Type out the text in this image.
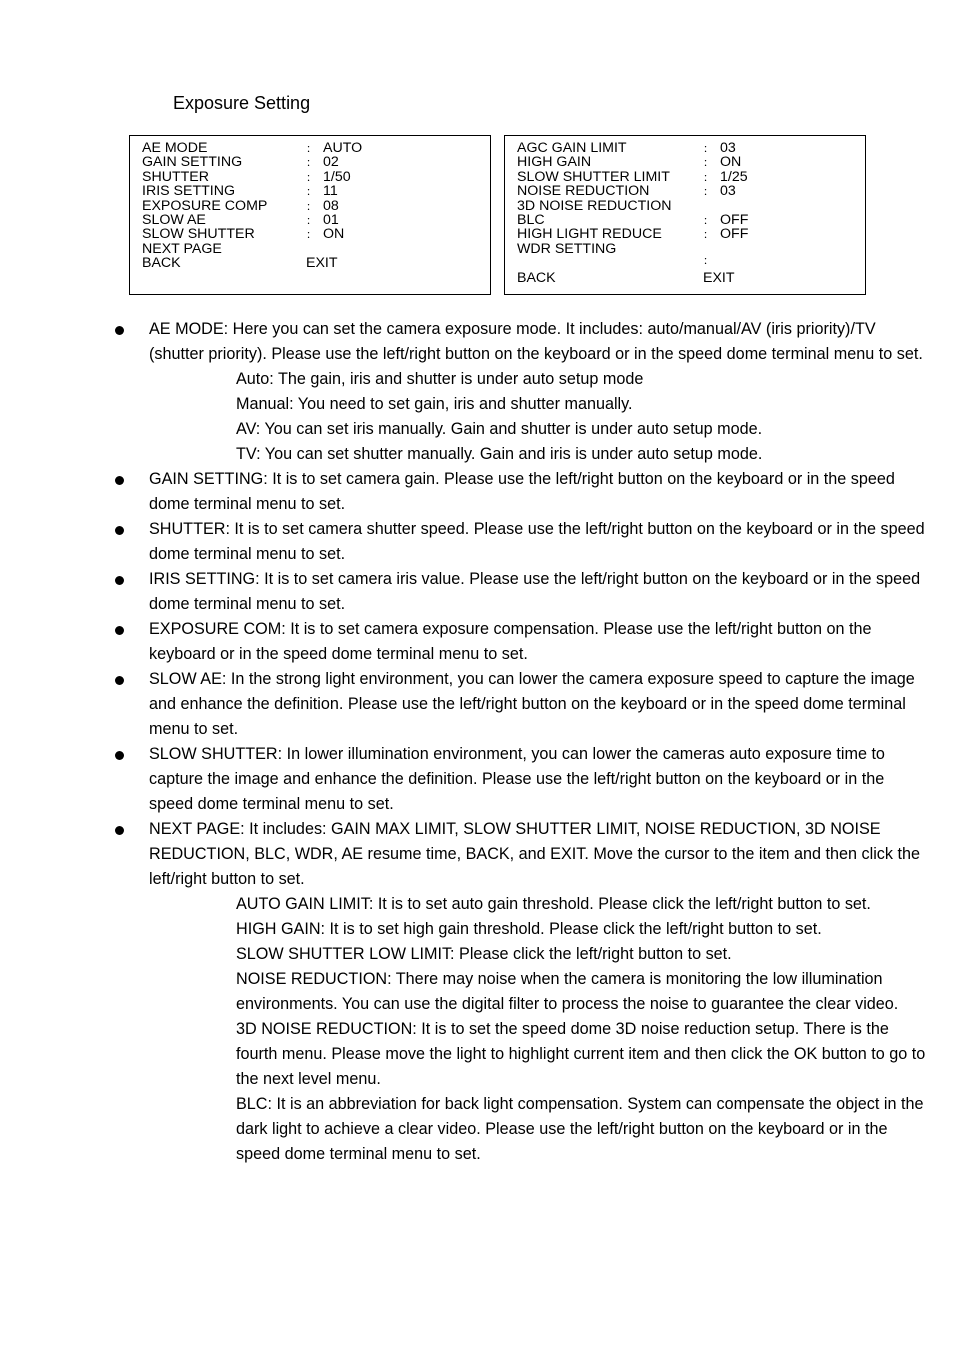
Exposure Setting
AE MODE	： AUTO
GAIN SETTING	： 02
SHUTTER	： 1/50
IRIS SETTING	： 11
EXPOSURE COMP	： 08
SLOW AE	： 01
SLOW SHUTTER	： ON
NEXT PAGE
BACK	EXIT
AGC GAIN LIMIT	： 03
HIGH GAIN	： ON
SLOW SHUTTER LIMIT	： 1/25
NOISE REDUCTION	： 03
3D NOISE REDUCTION
BLC	： OFF
HIGH LIGHT REDUCE	： OFF
WDR SETTING
：
BACK	EXIT
AE MODE: Here you can set the camera exposure mode. It includes: auto/manual/AV (iris priority)/TV (shutter priority). Please use the left/right button on the keyboard or in the speed dome terminal menu to set.
Auto: The gain, iris and shutter is under auto setup mode
Manual: You need to set gain, iris and shutter manually.
AV: You can set iris manually. Gain and shutter is under auto setup mode.
TV: You can set shutter manually. Gain and iris is under auto setup mode.
GAIN SETTING: It is to set camera gain. Please use the left/right button on the keyboard or in the speed dome terminal menu to set.
SHUTTER: It is to set camera shutter speed. Please use the left/right button on the keyboard or in the speed dome terminal menu to set.
IRIS SETTING: It is to set camera iris value. Please use the left/right button on the keyboard or in the speed dome terminal menu to set.
EXPOSURE COM: It is to set camera exposure compensation. Please use the left/right button on the keyboard or in the speed dome terminal menu to set.
SLOW AE: In the strong light environment, you can lower the camera exposure speed to capture the image and enhance the definition. Please use the left/right button on the keyboard or in the speed dome terminal menu to set.
SLOW SHUTTER: In lower illumination environment, you can lower the cameras auto exposure time to capture the image and enhance the definition. Please use the left/right button on the keyboard or in the speed dome terminal menu to set.
NEXT PAGE: It includes: GAIN MAX LIMIT, SLOW SHUTTER LIMIT, NOISE REDUCTION, 3D NOISE REDUCTION, BLC, WDR, AE resume time, BACK, and EXIT. Move the cursor to the item and then click the left/right button to set.
AUTO GAIN LIMIT: It is to set auto gain threshold. Please click the left/right button to set.
HIGH GAIN: It is to set high gain threshold. Please click the left/right button to set.
SLOW SHUTTER LOW LIMIT: Please click the left/right button to set.
NOISE REDUCTION: There may noise when the camera is monitoring the low illumination environments. You can use the digital filter to process the noise to guarantee the clear video.
3D NOISE REDUCTION: It is to set the speed dome 3D noise reduction setup. There is the fourth menu. Please move the light to highlight current item and then click the OK button to go to the next level menu.
BLC: It is an abbreviation for back light compensation. System can compensate the object in the dark light to achieve a clear video. Please use the left/right button on the keyboard or in the speed dome terminal menu to set.
